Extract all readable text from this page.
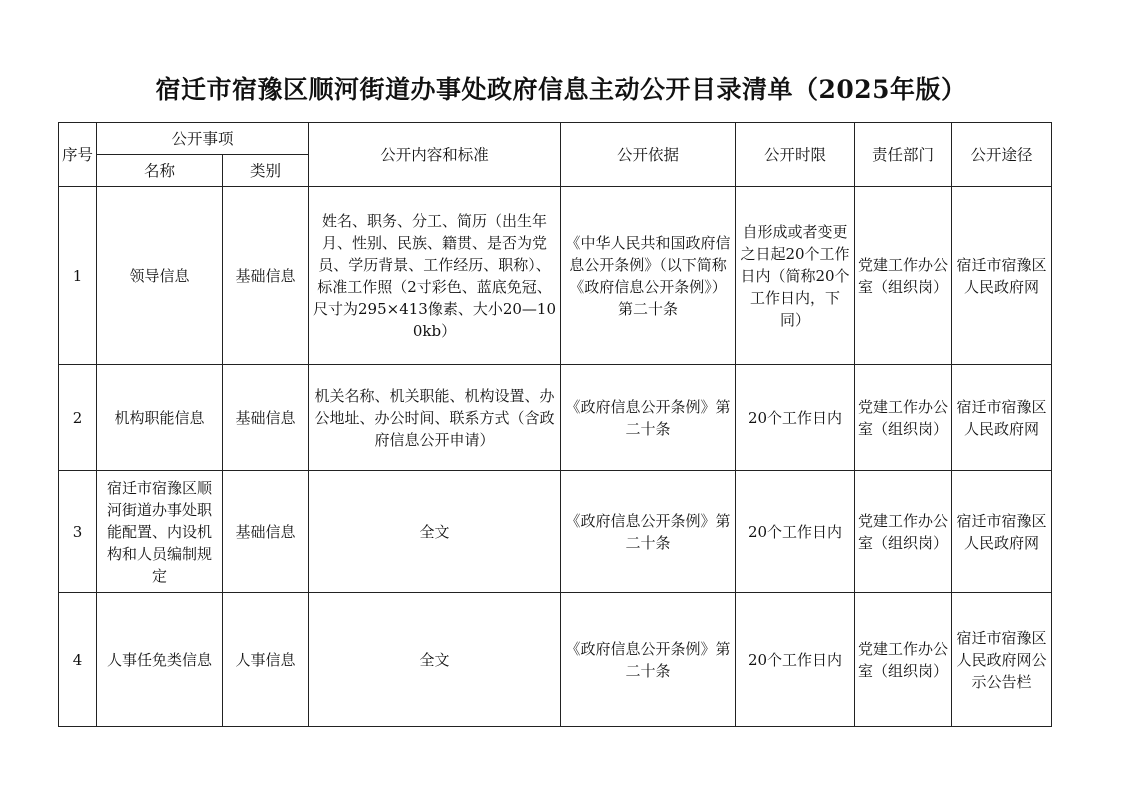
宿迁市宿豫区顺河街道办事处政府信息主动公开目录清单（2025年版）
序号	公开事项		公开内容和标准	公开依据	公开时限	责任部门	公开途径
	名称	类别					
1	领导信息	基础信息	姓名、职务、分工、简历（出生年月、性别、民族、籍贯、是否为党员、学历背景、工作经历、职称）、标准工作照（2寸彩色、蓝底免冠、尺寸为295×413像素、大小20—100kb）	《中华人民共和国政府信息公开条例》（以下简称《政府信息公开条例》）第二十条	自形成或者变更之日起20个工作日内（简称20个工作日内，下同）	党建工作办公室（组织岗）	宿迁市宿豫区人民政府网
2	机构职能信息	基础信息	机关名称、机关职能、机构设置、办公地址、办公时间、联系方式（含政府信息公开申请）	《政府信息公开条例》第二十条	20个工作日内	党建工作办公室（组织岗）	宿迁市宿豫区人民政府网
3	宿迁市宿豫区顺河街道办事处职能配置、内设机构和人员编制规定	基础信息	全文	《政府信息公开条例》第二十条	20个工作日内	党建工作办公室（组织岗）	宿迁市宿豫区人民政府网
4	人事任免类信息	人事信息	全文	《政府信息公开条例》第二十条	20个工作日内	党建工作办公室（组织岗）	宿迁市宿豫区人民政府网公示公告栏
